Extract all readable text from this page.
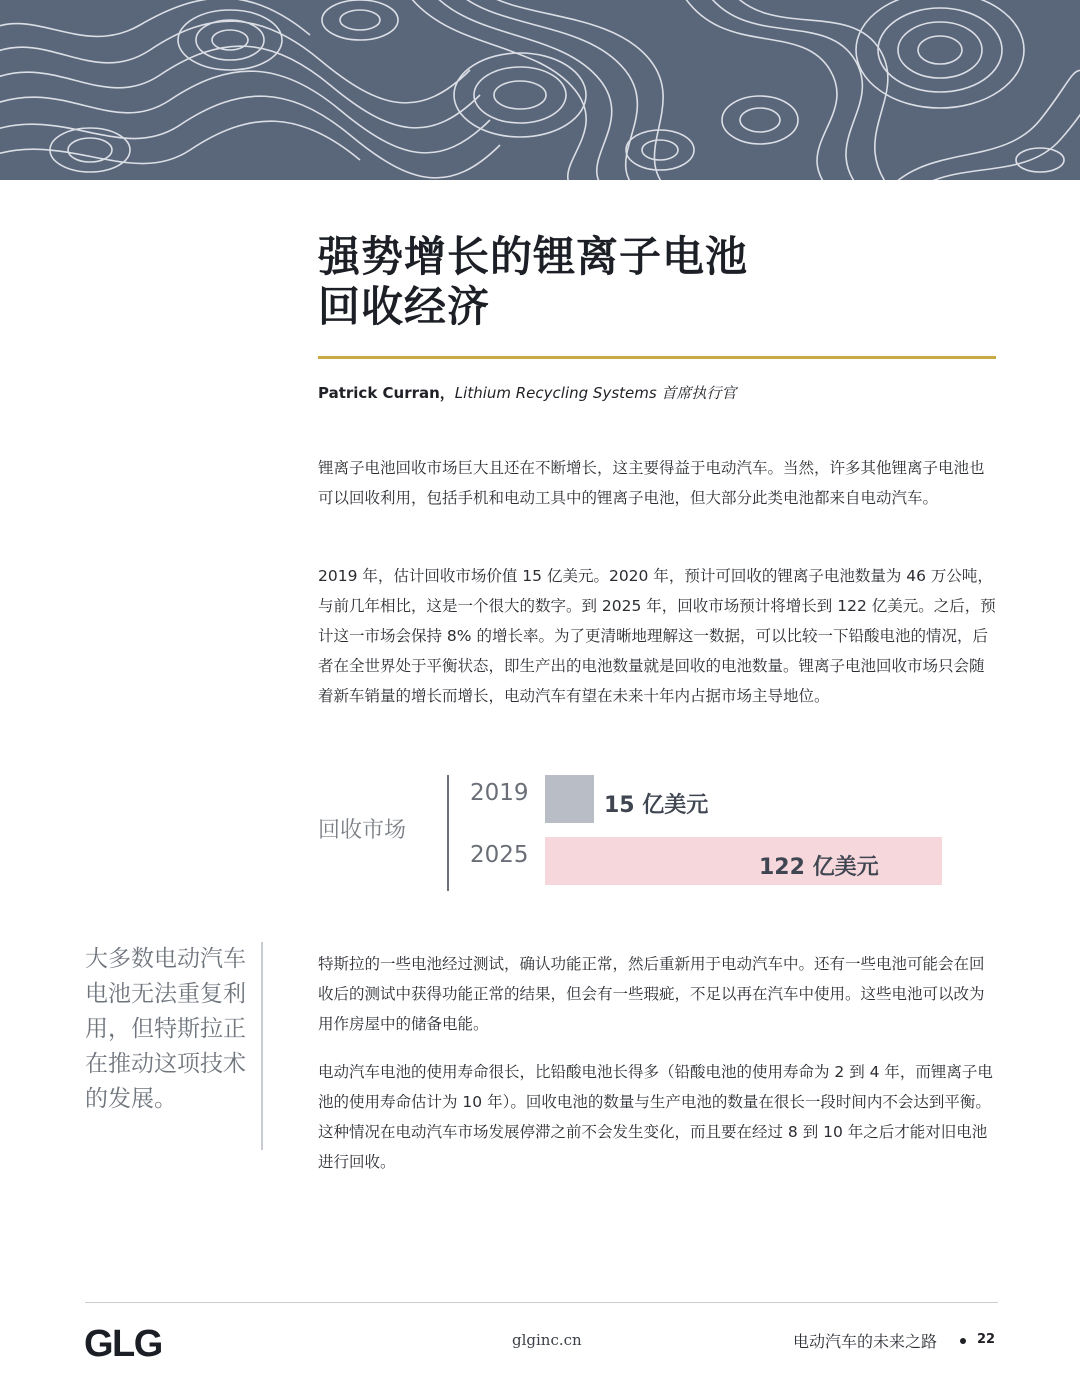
强势增长的锂离子电池
回收经济
Patrick Curran，Lithium Recycling Systems 首席执行官

锂离子电池回收市场巨大且还在不断增长，这主要得益于电动汽车。当然，许多其他锂离子电池也可以回收利用，包括手机和电动工具中的锂离子电池，但大部分此类电池都来自电动汽车。

2019 年，估计回收市场价值 15 亿美元。2020 年，预计可回收的锂离子电池数量为 46 万公吨，与前几年相比，这是一个很大的数字。到 2025 年，回收市场预计将增长到 122 亿美元。之后，预计这一市场会保持 8% 的增长率。为了更清晰地理解这一数据，可以比较一下铅酸电池的情况，后者在全世界处于平衡状态，即生产出的电池数量就是回收的电池数量。锂离子电池回收市场只会随着新车销量的增长而增长，电动汽车有望在未来十年内占据市场主导地位。

回收市场
2019	15 亿美元
2025	122 亿美元
大多数电动汽车
电池无法重复利
用，但特斯拉正
在推动这项技术
的发展。

特斯拉的一些电池经过测试，确认功能正常，然后重新用于电动汽车中。还有一些电池可能会在回收后的测试中获得功能正常的结果，但会有一些瑕疵，不足以再在汽车中使用。这些电池可以改为用作房屋中的储备电能。

电动汽车电池的使用寿命很长，比铅酸电池长得多（铅酸电池的使用寿命为 2 到 4 年，而锂离子电池的使用寿命估计为 10 年）。回收电池的数量与生产电池的数量在很长一段时间内不会达到平衡。这种情况在电动汽车市场发展停滞之前不会发生变化，而且要在经过 8 到 10 年之后才能对旧电池进行回收。

GLG	glginc.cn	电动汽车的未来之路	22
